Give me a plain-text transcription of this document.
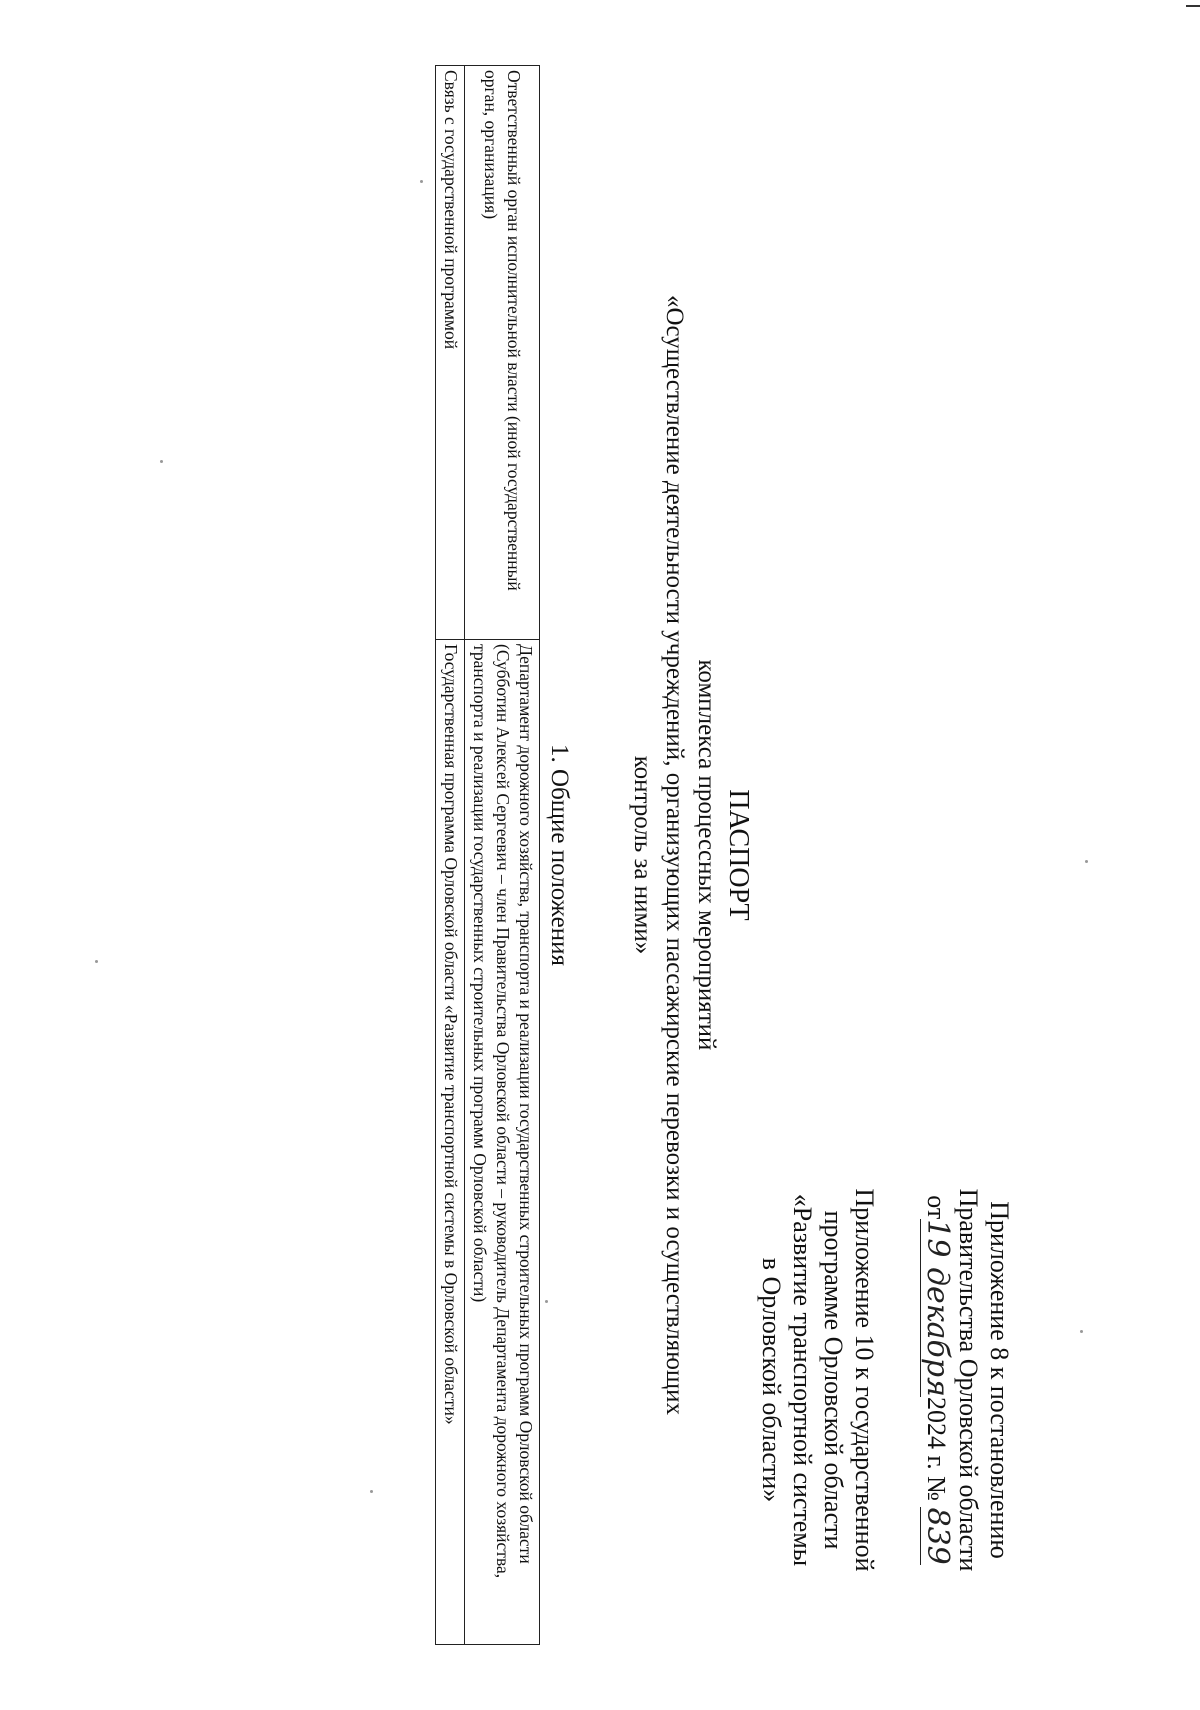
Приложение 8 к постановлению
Правительства Орловской области
от19 декабря2024 г. № 839
Приложение 10 к государственной
программе Орловской области
«Развитие транспортной системы
в Орловской области»
ПАСПОРТ
комплекса процессных мероприятий
«Осуществление деятельности учреждений, организующих пассажирские перевозки и осуществляющих
контроль за ними»
1. Общие положения
Ответственный орган исполнительной власти (иной государственный орган, организация)	Департамент дорожного хозяйства, транспорта и реализации государственных строительных программ Орловской области (Субботин Алексей Сергеевич – член Правительства Орловской области – руководитель Департамента дорожного хозяйства, транспорта и реализации государственных строительных программ Орловской области)
Связь с государственной программой	Государственная программа Орловской области «Развитие транспортной системы в Орловской области»
